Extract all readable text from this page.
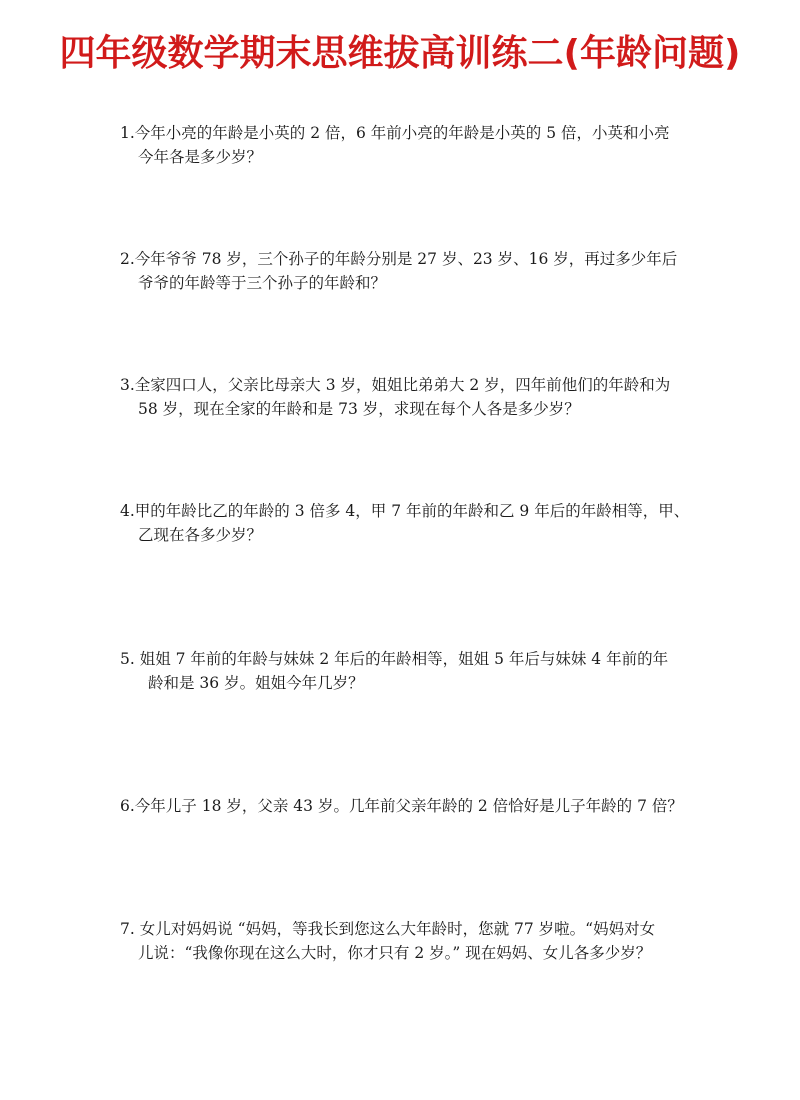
四年级数学期末思维拔高训练二(年龄问题)
1.今年小亮的年龄是小英的 2 倍，6 年前小亮的年龄是小英的 5 倍，小英和小亮
今年各是多少岁？
2.今年爷爷 78 岁，三个孙子的年龄分别是 27 岁、23 岁、16 岁，再过多少年后
爷爷的年龄等于三个孙子的年龄和？
3.全家四口人，父亲比母亲大 3 岁，姐姐比弟弟大 2 岁，四年前他们的年龄和为
58 岁，现在全家的年龄和是 73 岁，求现在每个人各是多少岁？
4.甲的年龄比乙的年龄的 3 倍多 4，甲 7 年前的年龄和乙 9 年后的年龄相等，甲、
乙现在各多少岁？
5. 姐姐 7 年前的年龄与妹妹 2 年后的年龄相等，姐姐 5 年后与妹妹 4 年前的年
龄和是 36 岁。姐姐今年几岁？
6.今年儿子 18 岁，父亲 43 岁。几年前父亲年龄的 2 倍恰好是儿子年龄的 7 倍？
7. 女儿对妈妈说 “妈妈，等我长到您这么大年龄时，您就 77 岁啦。“妈妈对女
儿说：“我像你现在这么大时，你才只有 2 岁。” 现在妈妈、女儿各多少岁？
